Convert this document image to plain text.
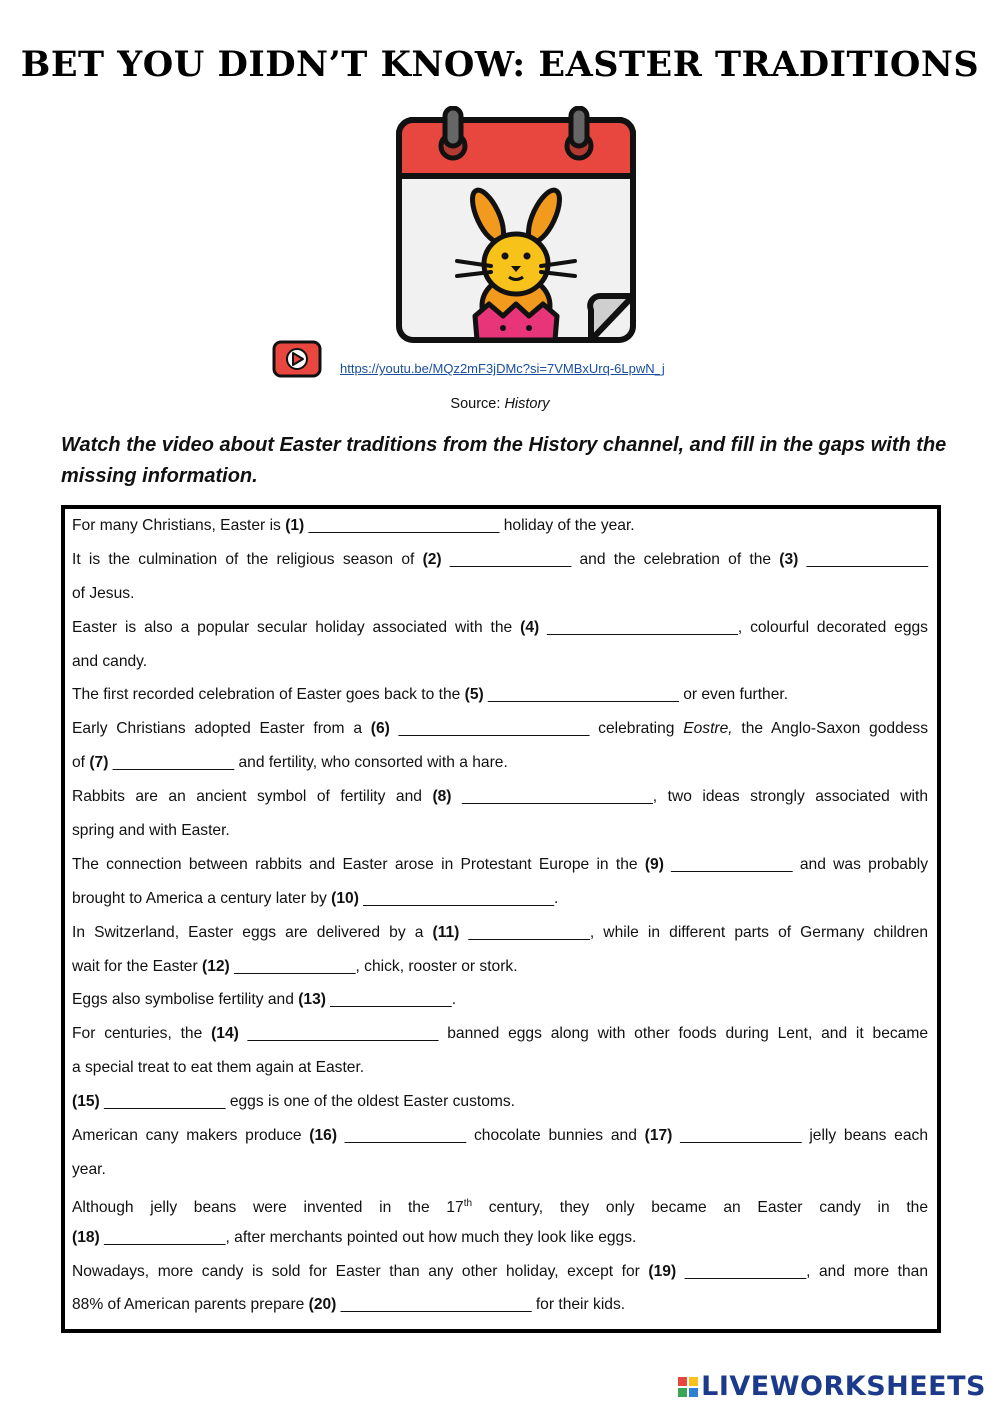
BET YOU DIDN’T KNOW: EASTER TRADITIONS
https://youtu.be/MQz2mF3jDMc?si=7VMBxUrq-6LpwN_j
Source: History
Watch the video about Easter traditions from the History channel, and fill in the gaps with the missing information.
For many Christians, Easter is (1) ______________________ holiday of the year.
It is the culmination of the religious season of (2) ______________ and the celebration of the (3) ______________
of Jesus.
Easter is also a popular secular holiday associated with the (4) ______________________, colourful decorated eggs
and candy.
The first recorded celebration of Easter goes back to the (5) ______________________ or even further.
Early Christians adopted Easter from a (6) ______________________ celebrating Eostre, the Anglo-Saxon goddess
of (7) ______________ and fertility, who consorted with a hare.
Rabbits are an ancient symbol of fertility and (8) ______________________, two ideas strongly associated with
spring and with Easter.
The connection between rabbits and Easter arose in Protestant Europe in the (9) ______________ and was probably
brought to America a century later by (10) ______________________.
In Switzerland, Easter eggs are delivered by a (11) ______________, while in different parts of Germany children
wait for the Easter (12) ______________, chick, rooster or stork.
Eggs also symbolise fertility and (13) ______________.
For centuries, the (14) ______________________ banned eggs along with other foods during Lent, and it became
a special treat to eat them again at Easter.
(15) ______________ eggs is one of the oldest Easter customs.
American cany makers produce (16) ______________ chocolate bunnies and (17) ______________ jelly beans each
year.
Although jelly beans were invented in the 17th century, they only became an Easter candy in the
(18) ______________, after merchants pointed out how much they look like eggs.
Nowadays, more candy is sold for Easter than any other holiday, except for (19) ______________, and more than
88% of American parents prepare (20) ______________________ for their kids.
LIVEWORKSHEETS
